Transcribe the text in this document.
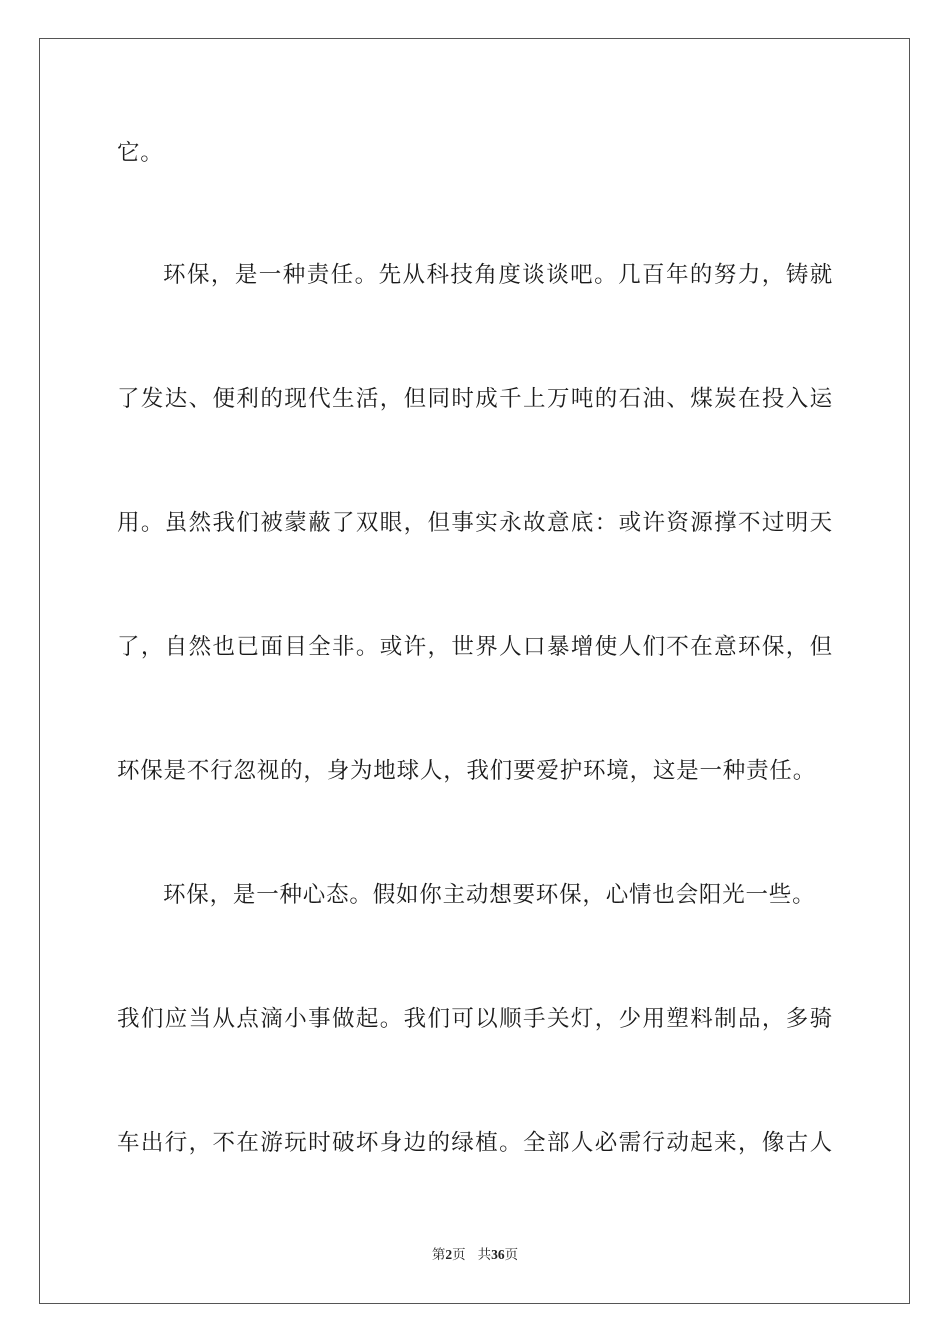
它。
环保，是一种责任。先从科技角度谈谈吧。几百年的努力，铸就
了发达、便利的现代生活，但同时成千上万吨的石油、煤炭在投入运
用。虽然我们被蒙蔽了双眼，但事实永故意底：或许资源撑不过明天
了，自然也已面目全非。或许，世界人口暴增使人们不在意环保，但
环保是不行忽视的，身为地球人，我们要爱护环境，这是一种责任。
环保，是一种心态。假如你主动想要环保，心情也会阳光一些。
我们应当从点滴小事做起。我们可以顺手关灯，少用塑料制品，多骑
车出行，不在游玩时破坏身边的绿植。全部人必需行动起来，像古人
第2页 共36页
